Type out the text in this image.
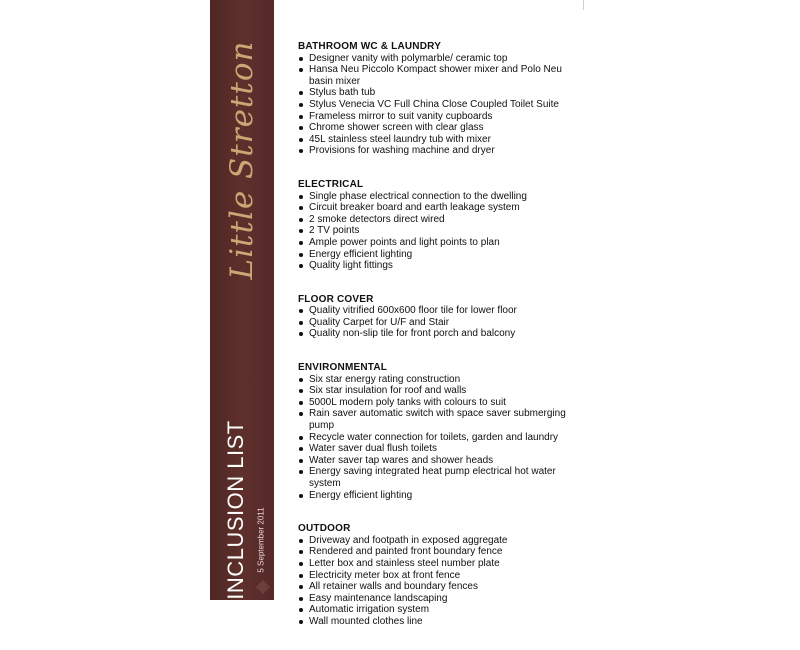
Little Stretton
INCLUSION LIST 5 September 2011
BATHROOM WC & LAUNDRY
Designer vanity with polymarble/ ceramic top
Hansa Neu Piccolo Kompact shower mixer and Polo Neu basin mixer
Stylus bath tub
Stylus Venecia VC Full China Close Coupled Toilet Suite
Frameless mirror to suit vanity cupboards
Chrome shower screen with clear glass
45L stainless steel laundry tub with mixer
Provisions for washing machine and dryer
ELECTRICAL
Single phase electrical connection to the dwelling
Circuit breaker board and earth leakage system
2 smoke detectors direct wired
2 TV points
Ample power points and light points to plan
Energy efficient lighting
Quality light fittings
FLOOR COVER
Quality vitrified 600x600 floor tile for lower floor
Quality Carpet for U/F and Stair
Quality non-slip tile for front porch and balcony
ENVIRONMENTAL
Six star energy rating construction
Six star insulation for roof and walls
5000L modern poly tanks with colours to suit
Rain saver automatic switch with space saver submerging pump
Recycle water connection for toilets, garden and laundry
Water saver dual flush toilets
Water saver tap wares and shower heads
Energy saving integrated heat pump electrical hot water system
Energy efficient lighting
OUTDOOR
Driveway and footpath in exposed aggregate
Rendered and painted front boundary fence
Letter box and stainless steel number plate
Electricity meter box at front fence
All retainer walls and boundary fences
Easy maintenance landscaping
Automatic irrigation system
Wall mounted clothes line
